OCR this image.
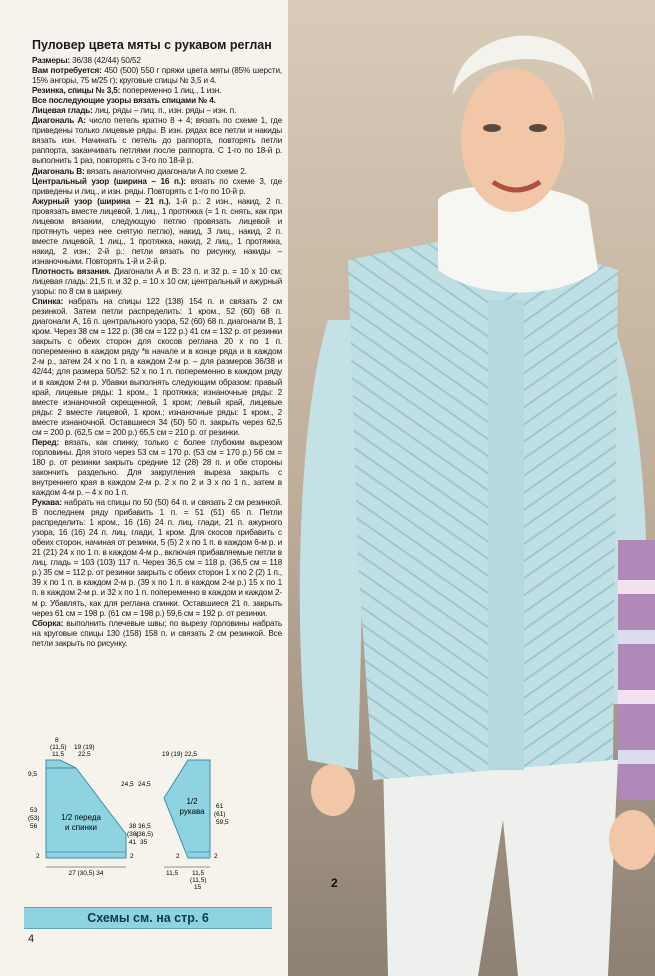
Пуловер цвета мяты с рукавом реглан

Размеры: 36/38 (42/44) 50/52

Вам потребуется: 450 (500) 550 г пряжи цвета мяты (85% шерсти, 15% ангоры, 75 м/25 г); круговые спицы № 3,5 и 4.

Резинка, спицы № 3,5: попеременно 1 лиц., 1 изн.

Все последующие узоры вязать спицами № 4.

Лицевая гладь: лиц. ряды – лиц. п., изн. ряды – изн. п.

Диагональ А: число петель кратно 8 + 4; вязать по схеме 1, где приведены только лицевые ряды. В изн. рядах все петли и накиды вязать изн. Начинать с петель до раппорта, повторять петли раппорта, заканчивать петлями после раппорта. С 1-го по 18-й р. выполнить 1 раз, повторять с 3-го по 18-й р.

Диагональ В: вязать аналогично диагонали А по схеме 2.

Центральный узор (ширина – 16 п.): вязать по схеме 3, где приведены и лиц., и изн. ряды. Повторять с 1-го по 10-й р.

Ажурный узор (ширина – 21 п.). 1-й р.: 2 изн., накид, 2 п. провязать вместе лицевой, 1 лиц., 1 протяжка (= 1 п. снять, как при лицевом вязании, следующую петлю провязать лицевой и протянуть через нее снятую петлю), накид, 3 лиц., накид, 2 п. вместе лицевой, 1 лиц., 1 протяжка, накид, 2 лиц., 1 протяжка, накид, 2 изн.; 2-й р.: петли вязать по рисунку, накиды – изнаночными. Повторять 1-й и 2-й р.

Плотность вязания. Диагонали А и В: 23 п. и 32 р. = 10 х 10 см; лицевая гладь: 21,5 п. и 32 р. = 10 х 10 см; центральный и ажурный узоры: по 8 см в ширину.

Спинка: набрать на спицы 122 (138) 154 п. и связать 2 см резинкой. Затем петли распределить: 1 кром., 52 (60) 68 п. диагонали А, 16 п. центрального узора, 52 (60) 68 п. диагонали В, 1 кром. Через 38 см = 122 р. (38 см = 122 р.) 41 см = 132 р. от резинки закрыть с обеих сторон для скосов реглана 20 х по 1 п. попеременно в каждом ряду *в начале и в конце ряда и в каждом 2-м р., затем 24 х по 1 п. в каждом 2-м р. – для размеров 36/38 и 42/44; для размера 50/52: 52 х по 1 п. попеременно в каждом ряду и в каждом 2-м р. Убавки выполнять следующим образом: правый край, лицевые ряды: 1 кром., 1 протяжка; изнаночные ряды: 2 вместе изнаночной скрещенной, 1 кром; левый край, лицевые ряды: 2 вместе лицевой, 1 кром.; изнаночные ряды: 1 кром., 2 вместе изнаночной. Оставшиеся 34 (50) 50 п. закрыть через 62,5 см = 200 р. (62,5 см = 200 р.) 65,5 см = 210 р. от резинки.

Перед: вязать, как спинку, только с более глубоким вырезом горловины. Для этого через 53 см = 170 р. (53 см = 170 р.) 56 см = 180 р. от резинки закрыть средние 12 (28) 28 п. и обе стороны закончить раздельно. Для закругления выреза закрыть с внутреннего края в каждом 2-м р. 2 х по 2 и 3 х по 1 п., затем в каждом 4-м р. – 4 х по 1 п.

Рукава: набрать на спицы по 50 (50) 64 п. и связать 2 см резинкой. В последнем ряду прибавить 1 п. = 51 (51) 65 п. Петли распределить: 1 кром., 16 (16) 24 п. лиц. глади, 21 п. ажурного узора, 16 (16) 24 п. лиц. глади, 1 кром. Для скосов прибавить с обеих сторон, начиная от резинки, 5 (5) 2 х по 1 п. в каждом 6-м р. и 21 (21) 24 х по 1 п. в каждом 4-м р., включая прибавляемые петли в лиц. гладь = 103 (103) 117 п. Через 36,5 см = 118 р. (36,5 см = 118 р.) 35 см = 112 р. от резинки закрыть с обеих сторон 1 х по 2 (2) 1 п., 39 х по 1 п. в каждом 2-м р. (39 х по 1 п. в каждом 2-м р.) 15 х по 1 п. в каждом 2-м р. и 32 х по 1 п. попеременно в каждом и каждом 2-м р. Убавлять, как для реглана спинки. Оставшиеся 21 п. закрыть через 61 см = 198 р. (61 см = 198 р.) 59,6 см = 192 р. от резинки.

Сборка: выполнить плечевые швы; по вырезу горловины набрать на круговые спицы 130 (158) 158 п. и связать 2 см резинкой. Все петли закрыть по рисунку.

1/2 переда
и спинки
8
(11,5)
11,5
19 (19)
22,5
9,5
24,5
53
(53)
56	38
(38)
41
2	2
27 (30,5) 34
1/2
рукава
19 (19) 22,5
24,5
61
(61)
59,5
36,5
(36,5)
35
2	2
11,5 11,5
(11,5)
15
Схемы см. на стр. 6
4
2
